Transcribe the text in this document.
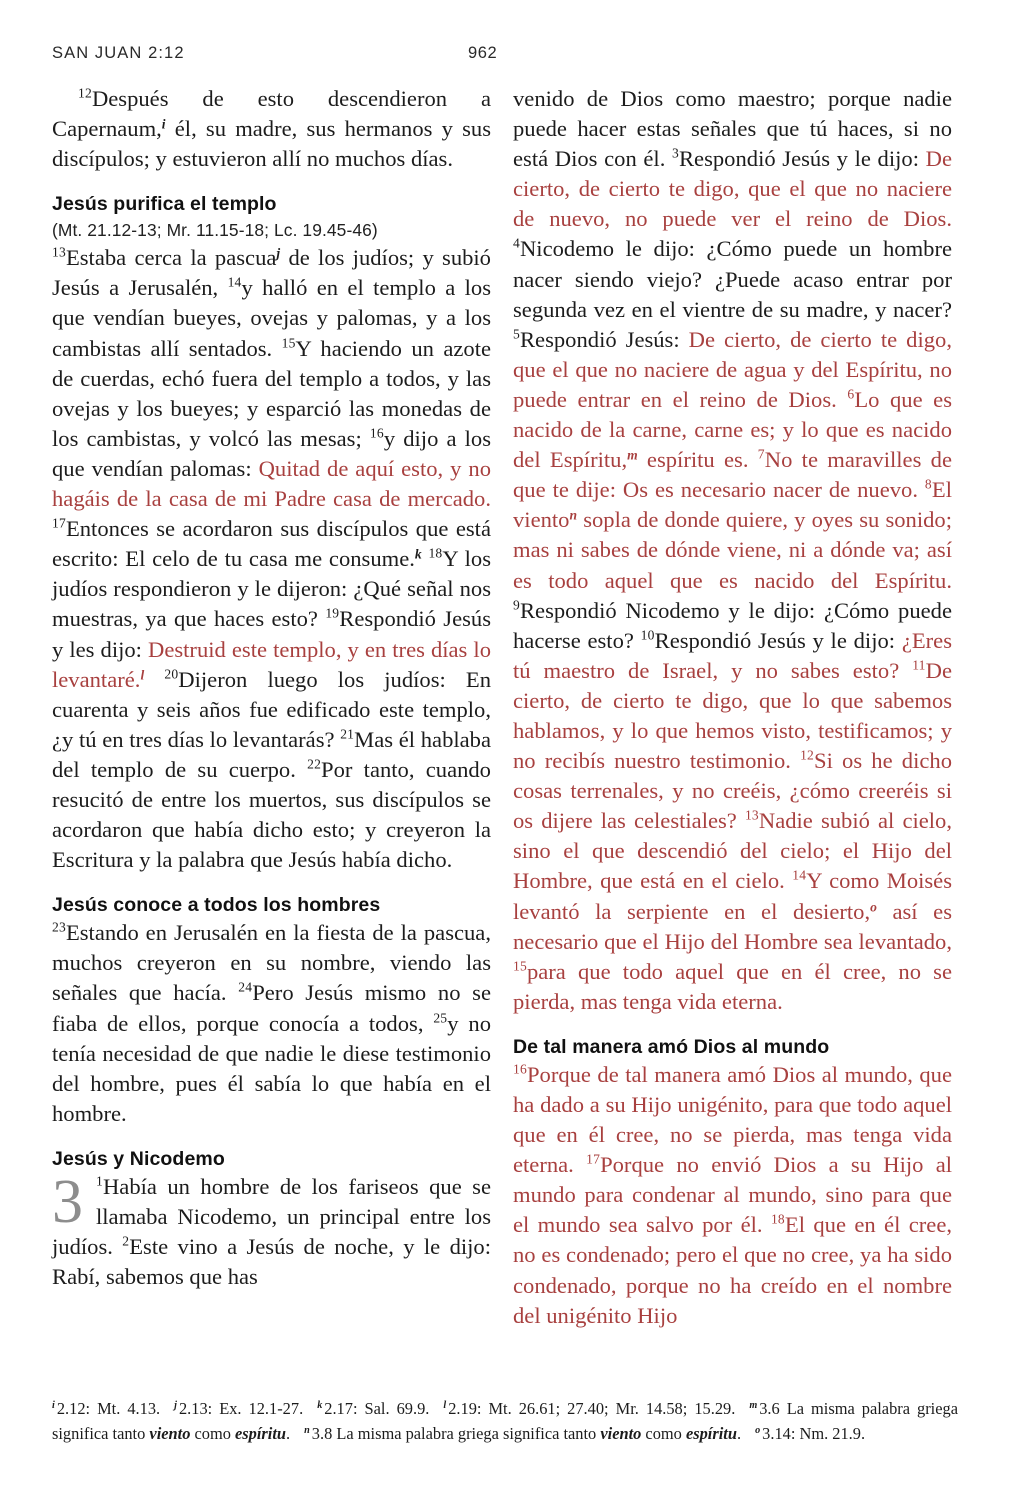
SAN JUAN 2:12	962

$^{12}$Después de esto descendieron a Capernaum,$^i$ él, su madre, sus hermanos y sus discípulos; y estuvieron allí no muchos días.

Jesús purifica el templo
(Mt. 21.12-13; Mr. 11.15-18; Lc. 19.45-46)

$^{13}$Estaba cerca la pascua$^j$ de los judíos; y subió Jesús a Jerusalén, $^{14}$y halló en el templo a los que vendían bueyes, ovejas y palomas, y a los cambistas allí sentados. $^{15}$Y haciendo un azote de cuerdas, echó fuera del templo a todos, y las ovejas y los bueyes; y esparció las monedas de los cambistas, y volcó las mesas; $^{16}$y dijo a los que vendían palomas: Quitad de aquí esto, y no hagáis de la casa de mi Padre casa de mercado. $^{17}$Entonces se acordaron sus discípulos que está escrito: El celo de tu casa me consume.$^k$ $^{18}$Y los judíos respondieron y le dijeron: ¿Qué señal nos muestras, ya que haces esto? $^{19}$Respondió Jesús y les dijo: Destruid este templo, y en tres días lo levantaré.$^l$ $^{20}$Dijeron luego los judíos: En cuarenta y seis años fue edificado este templo, ¿y tú en tres días lo levantarás? $^{21}$Mas él hablaba del templo de su cuerpo. $^{22}$Por tanto, cuando resucitó de entre los muertos, sus discípulos se acordaron que había dicho esto; y creyeron la Escritura y la palabra que Jesús había dicho.

Jesús conoce a todos los hombres

$^{23}$Estando en Jerusalén en la fiesta de la pascua, muchos creyeron en su nombre, viendo las señales que hacía. $^{24}$Pero Jesús mismo no se fiaba de ellos, porque conocía a todos, $^{25}$y no tenía necesidad de que nadie le diese testimonio del hombre, pues él sabía lo que había en el hombre.

Jesús y Nicodemo
3 $^1$Había un hombre de los fariseos que se llamaba Nicodemo, un principal entre los judíos. $^2$Este vino a Jesús de noche, y le dijo: Rabí, sabemos que has

venido de Dios como maestro; porque nadie puede hacer estas señales que tú haces, si no está Dios con él. $^3$Respondió Jesús y le dijo: De cierto, de cierto te digo, que el que no naciere de nuevo, no puede ver el reino de Dios. $^4$Nicodemo le dijo: ¿Cómo puede un hombre nacer siendo viejo? ¿Puede acaso entrar por segunda vez en el vientre de su madre, y nacer? $^5$Respondió Jesús: De cierto, de cierto te digo, que el que no naciere de agua y del Espíritu, no puede entrar en el reino de Dios. $^6$Lo que es nacido de la carne, carne es; y lo que es nacido del Espíritu,$^m$ espíritu es. $^7$No te maravilles de que te dije: Os es necesario nacer de nuevo. $^8$El viento$^n$ sopla de donde quiere, y oyes su sonido; mas ni sabes de dónde viene, ni a dónde va; así es todo aquel que es nacido del Espíritu. $^9$Respondió Nicodemo y le dijo: ¿Cómo puede hacerse esto? $^{10}$Respondió Jesús y le dijo: ¿Eres tú maestro de Israel, y no sabes esto? $^{11}$De cierto, de cierto te digo, que lo que sabemos hablamos, y lo que hemos visto, testificamos; y no recibís nuestro testimonio. $^{12}$Si os he dicho cosas terrenales, y no creéis, ¿cómo creeréis si os dijere las celestiales? $^{13}$Nadie subió al cielo, sino el que descendió del cielo; el Hijo del Hombre, que está en el cielo. $^{14}$Y como Moisés levantó la serpiente en el desierto,$^o$ así es necesario que el Hijo del Hombre sea levantado, $^{15}$para que todo aquel que en él cree, no se pierda, mas tenga vida eterna.

De tal manera amó Dios al mundo

$^{16}$Porque de tal manera amó Dios al mundo, que ha dado a su Hijo unigénito, para que todo aquel que en él cree, no se pierda, mas tenga vida eterna. $^{17}$Porque no envió Dios a su Hijo al mundo para condenar al mundo, sino para que el mundo sea salvo por él. $^{18}$El que en él cree, no es condenado; pero el que no cree, ya ha sido condenado, porque no ha creído en el nombre del unigénito Hijo

$^i$ 2.12: Mt. 4.13. $^j$ 2.13: Ex. 12.1-27. $^k$ 2.17: Sal. 69.9. $^l$ 2.19: Mt. 26.61; 27.40; Mr. 14.58; 15.29. $^m$ 3.6 La misma palabra griega significa tanto viento como espíritu. $^n$ 3.8 La misma palabra griega significa tanto viento como espíritu. $^o$ 3.14: Nm. 21.9.
